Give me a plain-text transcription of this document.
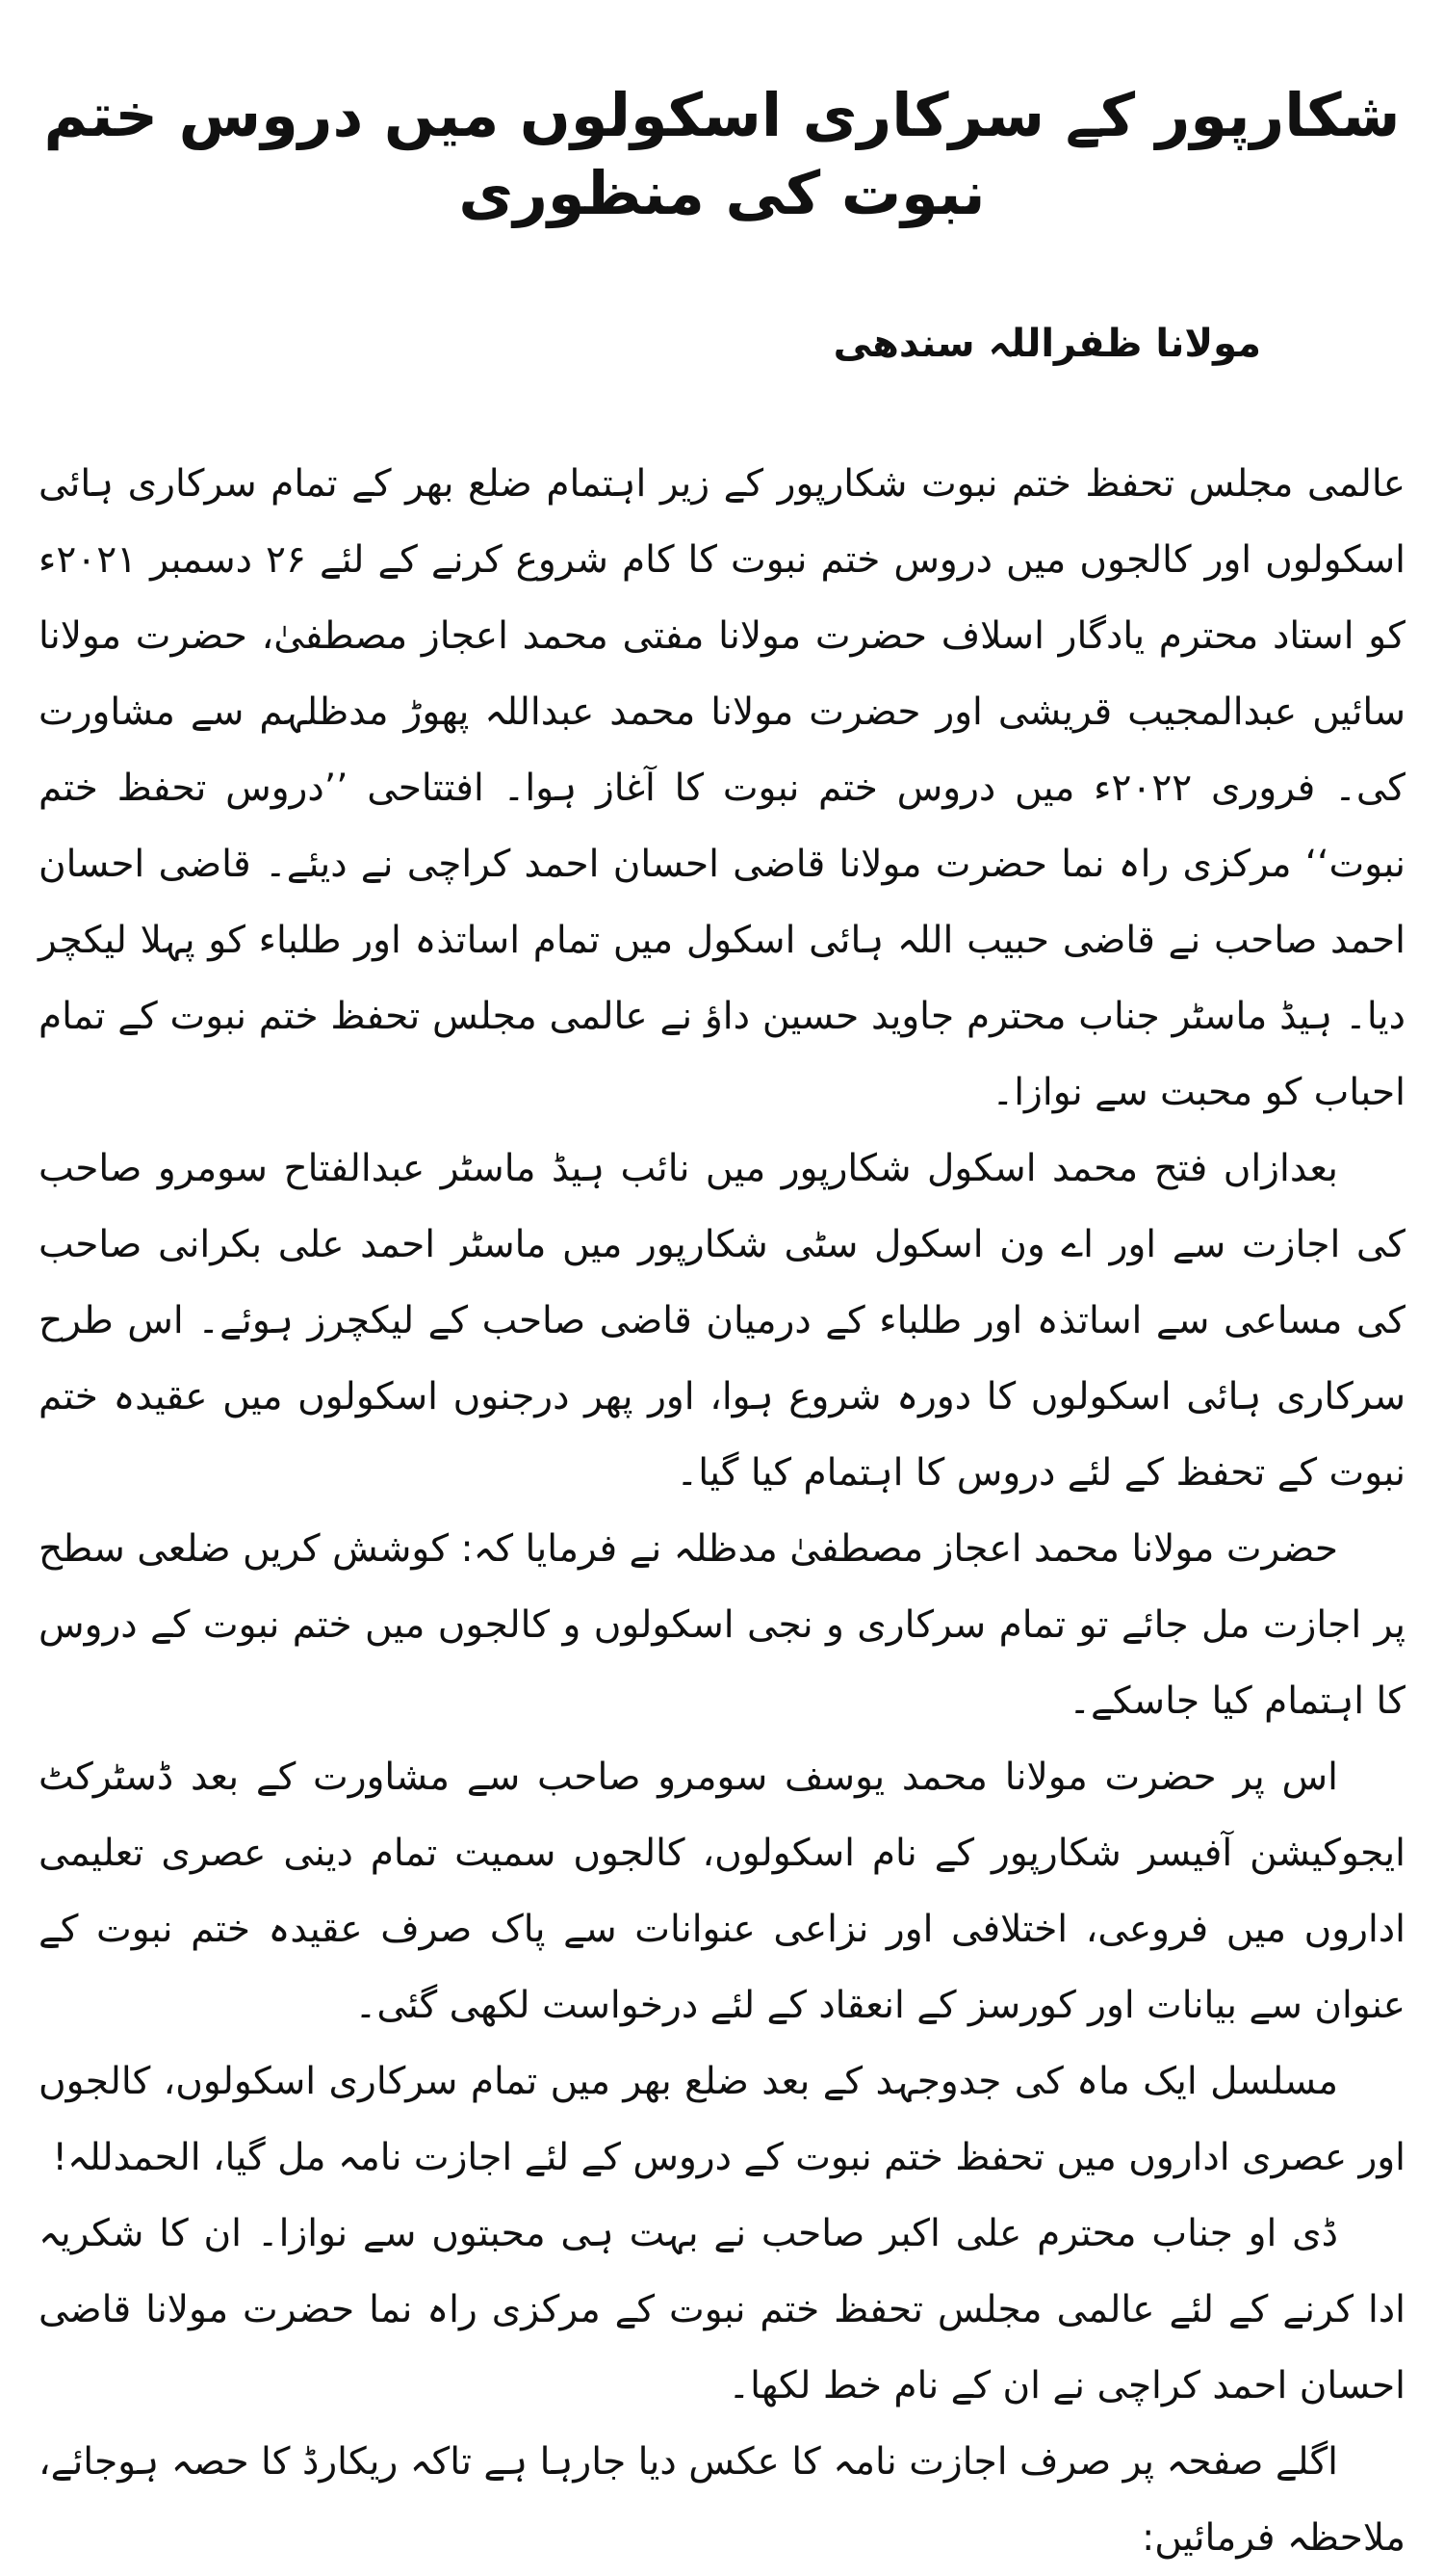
شکارپور کے سرکاری اسکولوں میں دروس ختم نبوت کی منظوری
مولانا ظفراللہ سندھی

عالمی مجلس تحفظ ختم نبوت شکارپور کے زیر اہتمام ضلع بھر کے تمام سرکاری ہائی اسکولوں اور کالجوں میں دروس ختم نبوت کا کام شروع کرنے کے لئے ۲۶ دسمبر ۲۰۲۱ء کو استاد محترم یادگار اسلاف حضرت مولانا مفتی محمد اعجاز مصطفیٰ، حضرت مولانا سائیں عبدالمجیب قریشی اور حضرت مولانا محمد عبداللہ پھوڑ مدظلہم سے مشاورت کی۔ فروری ۲۰۲۲ء میں دروس ختم نبوت کا آغاز ہوا۔ افتتاحی ’’دروس تحفظ ختم نبوت‘‘ مرکزی راہ نما حضرت مولانا قاضی احسان احمد کراچی نے دیئے۔ قاضی احسان احمد صاحب نے قاضی حبیب اللہ ہائی اسکول میں تمام اساتذہ اور طلباء کو پہلا لیکچر دیا۔ ہیڈ ماسٹر جناب محترم جاوید حسین داؤ نے عالمی مجلس تحفظ ختم نبوت کے تمام احباب کو محبت سے نوازا۔

بعدازاں فتح محمد اسکول شکارپور میں نائب ہیڈ ماسٹر عبدالفتاح سومرو صاحب کی اجازت سے اور اے ون اسکول سٹی شکارپور میں ماسٹر احمد علی بکرانی صاحب کی مساعی سے اساتذہ اور طلباء کے درمیان قاضی صاحب کے لیکچرز ہوئے۔ اس طرح سرکاری ہائی اسکولوں کا دورہ شروع ہوا، اور پھر درجنوں اسکولوں میں عقیدہ ختم نبوت کے تحفظ کے لئے دروس کا اہتمام کیا گیا۔

حضرت مولانا محمد اعجاز مصطفیٰ مدظلہ نے فرمایا کہ: کوشش کریں ضلعی سطح پر اجازت مل جائے تو تمام سرکاری و نجی اسکولوں و کالجوں میں ختم نبوت کے دروس کا اہتمام کیا جاسکے۔

اس پر حضرت مولانا محمد یوسف سومرو صاحب سے مشاورت کے بعد ڈسٹرکٹ ایجوکیشن آفیسر شکارپور کے نام اسکولوں، کالجوں سمیت تمام دینی عصری تعلیمی اداروں میں فروعی، اختلافی اور نزاعی عنوانات سے پاک صرف عقیدہ ختم نبوت کے عنوان سے بیانات اور کورسز کے انعقاد کے لئے درخواست لکھی گئی۔

مسلسل ایک ماہ کی جدوجہد کے بعد ضلع بھر میں تمام سرکاری اسکولوں، کالجوں اور عصری اداروں میں تحفظ ختم نبوت کے دروس کے لئے اجازت نامہ مل گیا، الحمدللہ!

ڈی او جناب محترم علی اکبر صاحب نے بہت ہی محبتوں سے نوازا۔ ان کا شکریہ ادا کرنے کے لئے عالمی مجلس تحفظ ختم نبوت کے مرکزی راہ نما حضرت مولانا قاضی احسان احمد کراچی نے ان کے نام خط لکھا۔

اگلے صفحہ پر صرف اجازت نامہ کا عکس دیا جارہا ہے تاکہ ریکارڈ کا حصہ ہوجائے، ملاحظہ فرمائیں:
